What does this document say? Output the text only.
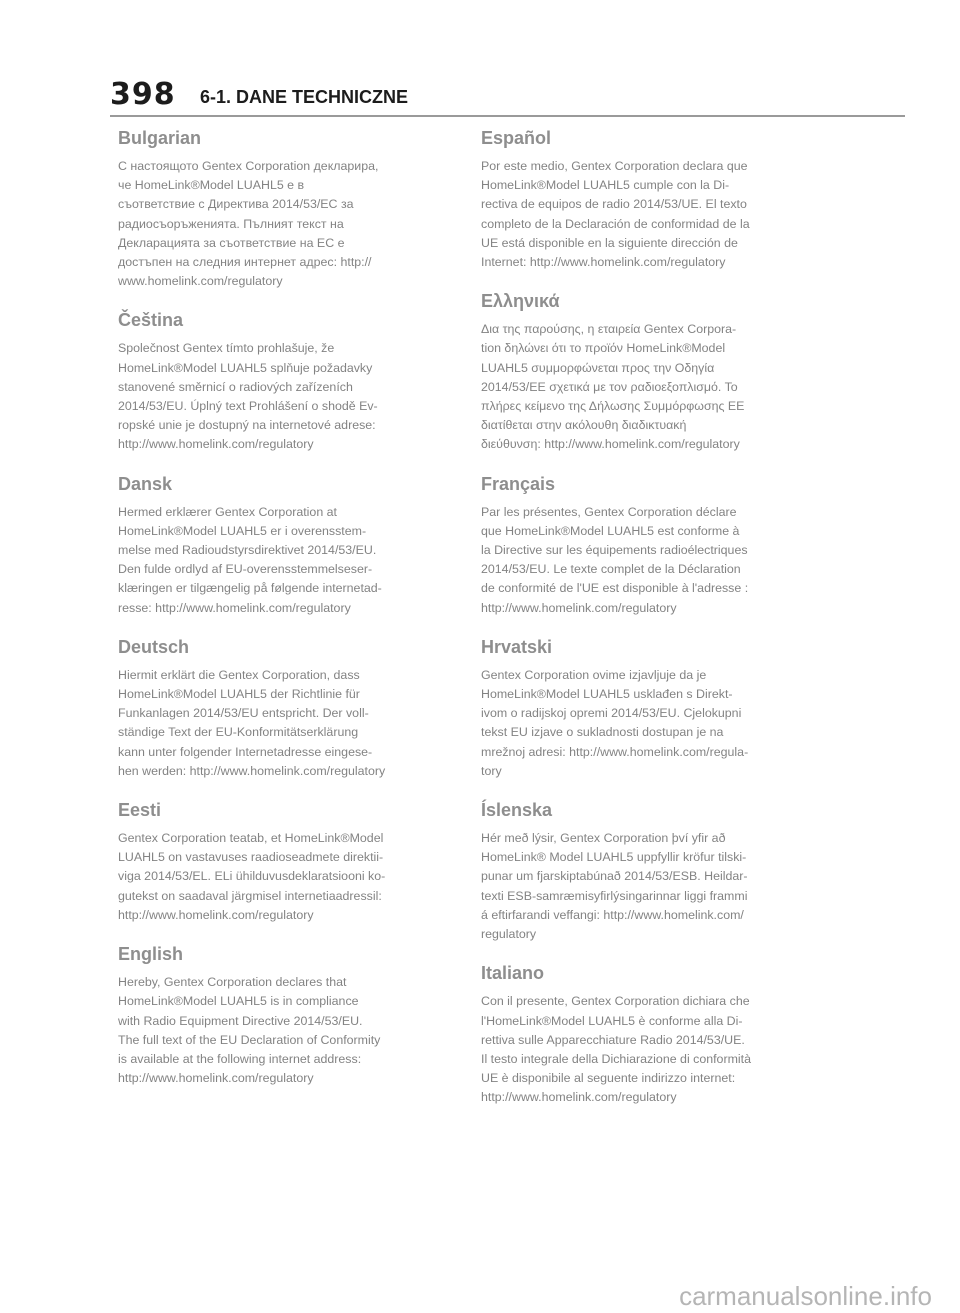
398 6-1. DANE TECHNICZNE
Bulgarian

С настоящото Gentex Corporation декларира,
че HomeLink®Model LUAHL5 е в
съответствие с Директива 2014/53/ЕС за
радиосъоръженията. Пълният текст на
Декларацията за съответствие на ЕС е
достъпен на следния интернет адрес: http://
www.homelink.com/regulatory

Čeština

Společnost Gentex tímto prohlašuje, že
HomeLink®Model LUAHL5 splňuje požadavky
stanovené směrnicí o radiových zařízeních
2014/53/EU. Úplný text Prohlášení o shodě Ev-
ropské unie je dostupný na internetové adrese:
http://www.homelink.com/regulatory

Dansk

Hermed erklærer Gentex Corporation at
HomeLink®Model LUAHL5 er i overensstem-
melse med Radioudstyrsdirektivet 2014/53/EU.
Den fulde ordlyd af EU-overensstemmelseser-
klæringen er tilgængelig på følgende internetad-
resse: http://www.homelink.com/regulatory

Deutsch

Hiermit erklärt die Gentex Corporation, dass
HomeLink®Model LUAHL5 der Richtlinie für
Funkanlagen 2014/53/EU entspricht. Der voll-
ständige Text der EU-Konformitätserklärung
kann unter folgender Internetadresse eingese-
hen werden: http://www.homelink.com/regulatory

Eesti

Gentex Corporation teatab, et HomeLink®Model
LUAHL5 on vastavuses raadioseadmete direktii-
viga 2014/53/EL. ELi ühilduvusdeklaratsiooni ko-
gutekst on saadaval järgmisel internetiaadressil:
http://www.homelink.com/regulatory

English

Hereby, Gentex Corporation declares that
HomeLink®Model LUAHL5 is in compliance
with Radio Equipment Directive 2014/53/EU.
The full text of the EU Declaration of Conformity
is available at the following internet address:
http://www.homelink.com/regulatory

Español

Por este medio, Gentex Corporation declara que
HomeLink®Model LUAHL5 cumple con la Di-
rectiva de equipos de radio 2014/53/UE. El texto
completo de la Declaración de conformidad de la
UE está disponible en la siguiente dirección de
Internet: http://www.homelink.com/regulatory

Ελληνικά

Δια της παρούσης, η εταιρεία Gentex Corpora-
tion δηλώνει ότι το προϊόν HomeLink®Model
LUAHL5 συμμορφώνεται προς την Οδηγία
2014/53/ΕΕ σχετικά με τον ραδιοεξοπλισμό. Το
πλήρες κείμενο της Δήλωσης Συμμόρφωσης ΕΕ
διατίθεται στην ακόλουθη διαδικτυακή
διεύθυνση: http://www.homelink.com/regulatory

Français

Par les présentes, Gentex Corporation déclare
que HomeLink®Model LUAHL5 est conforme à
la Directive sur les équipements radioélectriques
2014/53/EU. Le texte complet de la Déclaration
de conformité de l'UE est disponible à l'adresse :
http://www.homelink.com/regulatory

Hrvatski

Gentex Corporation ovime izjavljuje da je
HomeLink®Model LUAHL5 usklađen s Direkt-
ivom o radijskoj opremi 2014/53/EU. Cjelokupni
tekst EU izjave o sukladnosti dostupan je na
mrežnoj adresi: http://www.homelink.com/regula-
tory

Íslenska

Hér með lýsir, Gentex Corporation því yfir að
HomeLink® Model LUAHL5 uppfyllir kröfur tilski-
punar um fjarskiptabúnað 2014/53/ESB. Heildar-
texti ESB-samræmisyfirlýsingarinnar liggi frammi
á eftirfarandi veffangi: http://www.homelink.com/
regulatory

Italiano

Con il presente, Gentex Corporation dichiara che
l'HomeLink®Model LUAHL5 è conforme alla Di-
rettiva sulle Apparecchiature Radio 2014/53/UE.
Il testo integrale della Dichiarazione di conformità
UE è disponibile al seguente indirizzo internet:
http://www.homelink.com/regulatory

carmanualsonline.info
